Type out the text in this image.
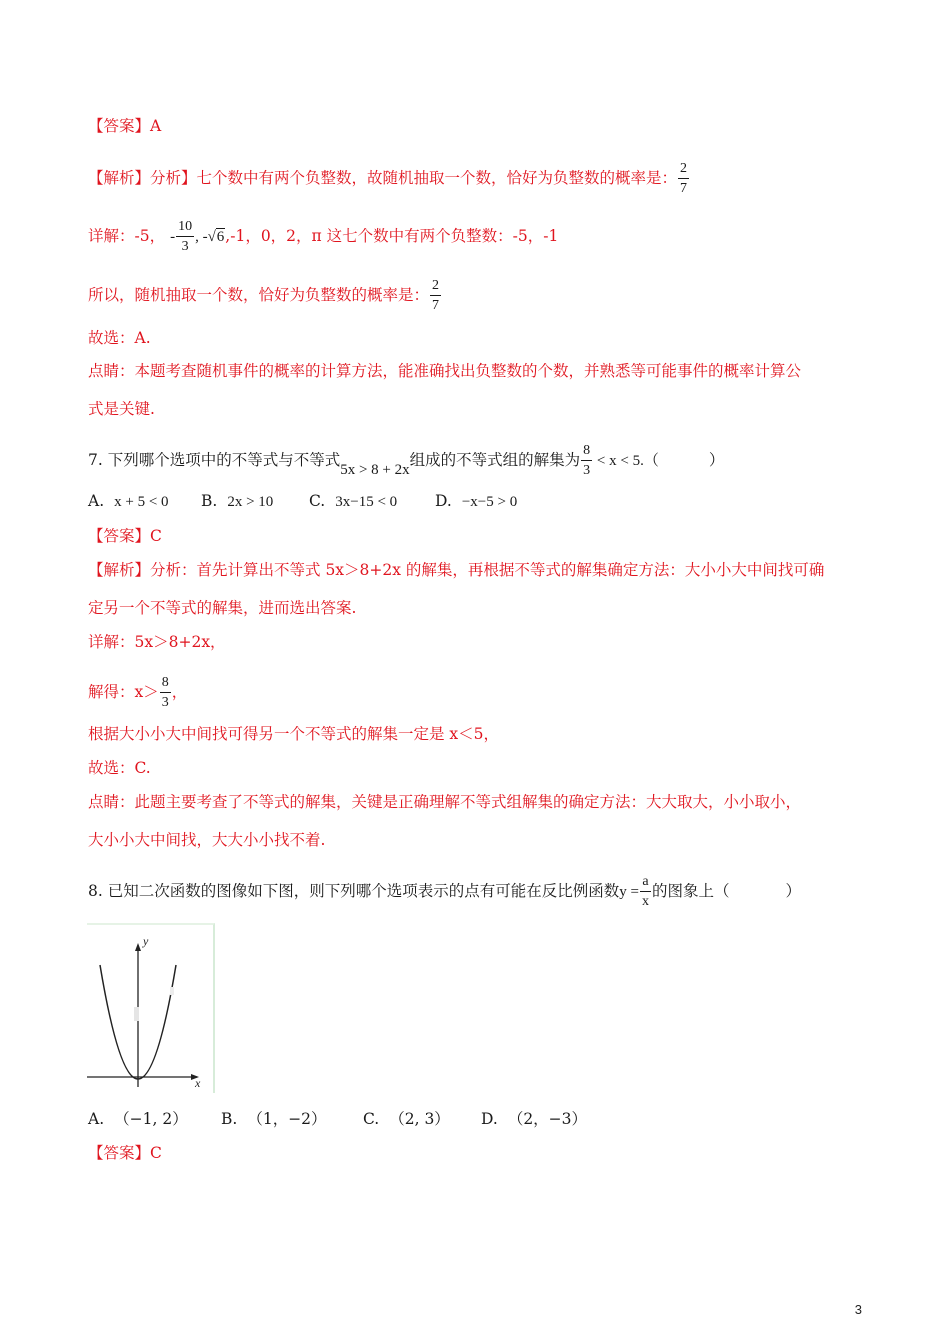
【答案】A
【解析】分析】七个数中有两个负整数，故随机抽取一个数，恰好为负整数的概率是： $\frac{2}{7}$
详解：-5， - $\frac{10}{3}$ , -√6,-1，0，2，π 这七个数中有两个负整数：-5，-1
所以，随机抽取一个数，恰好为负整数的概率是： $\frac{2}{7}$
故选：A.
点睛：本题考查随机事件的概率的计算方法，能准确找出负整数的个数，并熟悉等可能事件的概率计算公
式是关键.
7. 下列哪个选项中的不等式与不等式5x > 8 + 2x组成的不等式组的解集为 $\frac{8}{3} < x < 5$.（	）
A. x + 5 < 0 B. 2x > 10 C. 3x−15 < 0 D. −x−5 > 0
【答案】C
【解析】分析：首先计算出不等式 5x＞8+2x 的解集，再根据不等式的解集确定方法：大小小大中间找可确
定另一个不等式的解集，进而选出答案.
详解：5x＞8+2x，
解得：$x> \frac{8}{3}$ ，
根据大小小大中间找可得另一个不等式的解集一定是 x＜5，
故选：C.
点睛：此题主要考查了不等式的解集，关键是正确理解不等式组解集的确定方法：大大取大，小小取小，
大小小大中间找，大大小小找不着.
8. 已知二次函数的图像如下图，则下列哪个选项表示的点有可能在反比例函数$y = \frac{a}{x}$ 的图象上（	）
y
x
A. （−1, 2） B. （1，−2） C. （2, 3） D. （2，−3）
【答案】C
3
